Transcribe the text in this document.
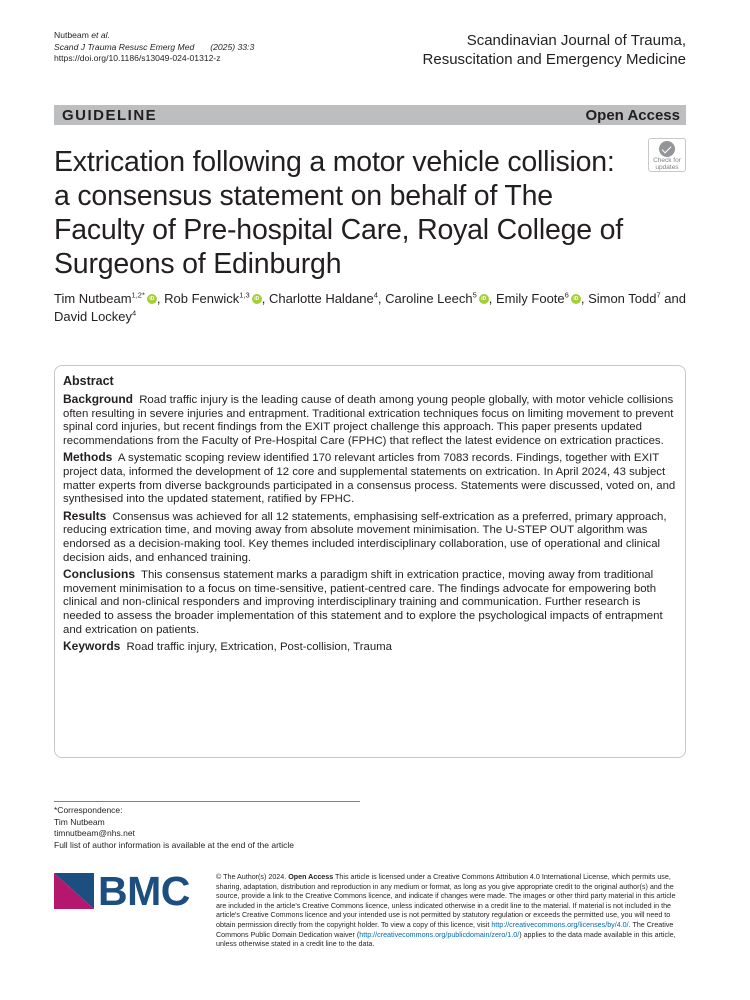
Nutbeam et al.
Scand J Trauma Resusc Emerg Med (2025) 33:3
https://doi.org/10.1186/s13049-024-01312-z
Scandinavian Journal of Trauma,
Resuscitation and Emergency Medicine
GUIDELINE	Open Access
Extrication following a motor vehicle collision: a consensus statement on behalf of The Faculty of Pre-hospital Care, Royal College of Surgeons of Edinburgh
Check for
updates

Tim Nutbeam$^{1,2*}$ iD , Rob Fenwick$^{1,3}$ iD , Charlotte Haldane$^4$, Caroline Leech$^5$ iD , Emily Foote$^6$ iD , Simon Todd$^7$ and David Lockey$^4$

Abstract

Background Road traffic injury is the leading cause of death among young people globally, with motor vehicle collisions often resulting in severe injuries and entrapment. Traditional extrication techniques focus on limiting movement to prevent spinal cord injuries, but recent findings from the EXIT project challenge this approach. This paper presents updated recommendations from the Faculty of Pre-Hospital Care (FPHC) that reflect the latest evidence on extrication practices.

Methods A systematic scoping review identified 170 relevant articles from 7083 records. Findings, together with EXIT project data, informed the development of 12 core and supplemental statements on extrication. In April 2024, 43 subject matter experts from diverse backgrounds participated in a consensus process. Statements were discussed, voted on, and synthesised into the updated statement, ratified by FPHC.

Results Consensus was achieved for all 12 statements, emphasising self-extrication as a preferred, primary approach, reducing extrication time, and moving away from absolute movement minimisation. The U-STEP OUT algorithm was endorsed as a decision-making tool. Key themes included interdisciplinary collaboration, use of operational and clinical decision aids, and enhanced training.

Conclusions This consensus statement marks a paradigm shift in extrication practice, moving away from traditional movement minimisation to a focus on time-sensitive, patient-centred care. The findings advocate for empowering both clinical and non-clinical responders and improving interdisciplinary training and communication. Further research is needed to assess the broader implementation of this statement and to explore the psychological impacts of entrapment and extrication on patients.

Keywords Road traffic injury, Extrication, Post-collision, Trauma

*Correspondence:
Tim Nutbeam
timnutbeam@nhs.net
Full list of author information is available at the end of the article
BMC	© The Author(s) 2024. Open Access This article is licensed under a Creative Commons Attribution 4.0 International License, which permits use, sharing, adaptation, distribution and reproduction in any medium or format, as long as you give appropriate credit to the original author(s) and the source, provide a link to the Creative Commons licence, and indicate if changes were made. The images or other third party material in this article are included in the article's Creative Commons licence, unless indicated otherwise in a credit line to the material. If material is not included in the article's Creative Commons licence and your intended use is not permitted by statutory regulation or exceeds the permitted use, you will need to obtain permission directly from the copyright holder. To view a copy of this licence, visit http://creativecommons.org/licenses/by/4.0/. The Creative Commons Public Domain Dedication waiver (http://creativecommons.org/publicdomain/zero/1.0/) applies to the data made available in this article, unless otherwise stated in a credit line to the data.
